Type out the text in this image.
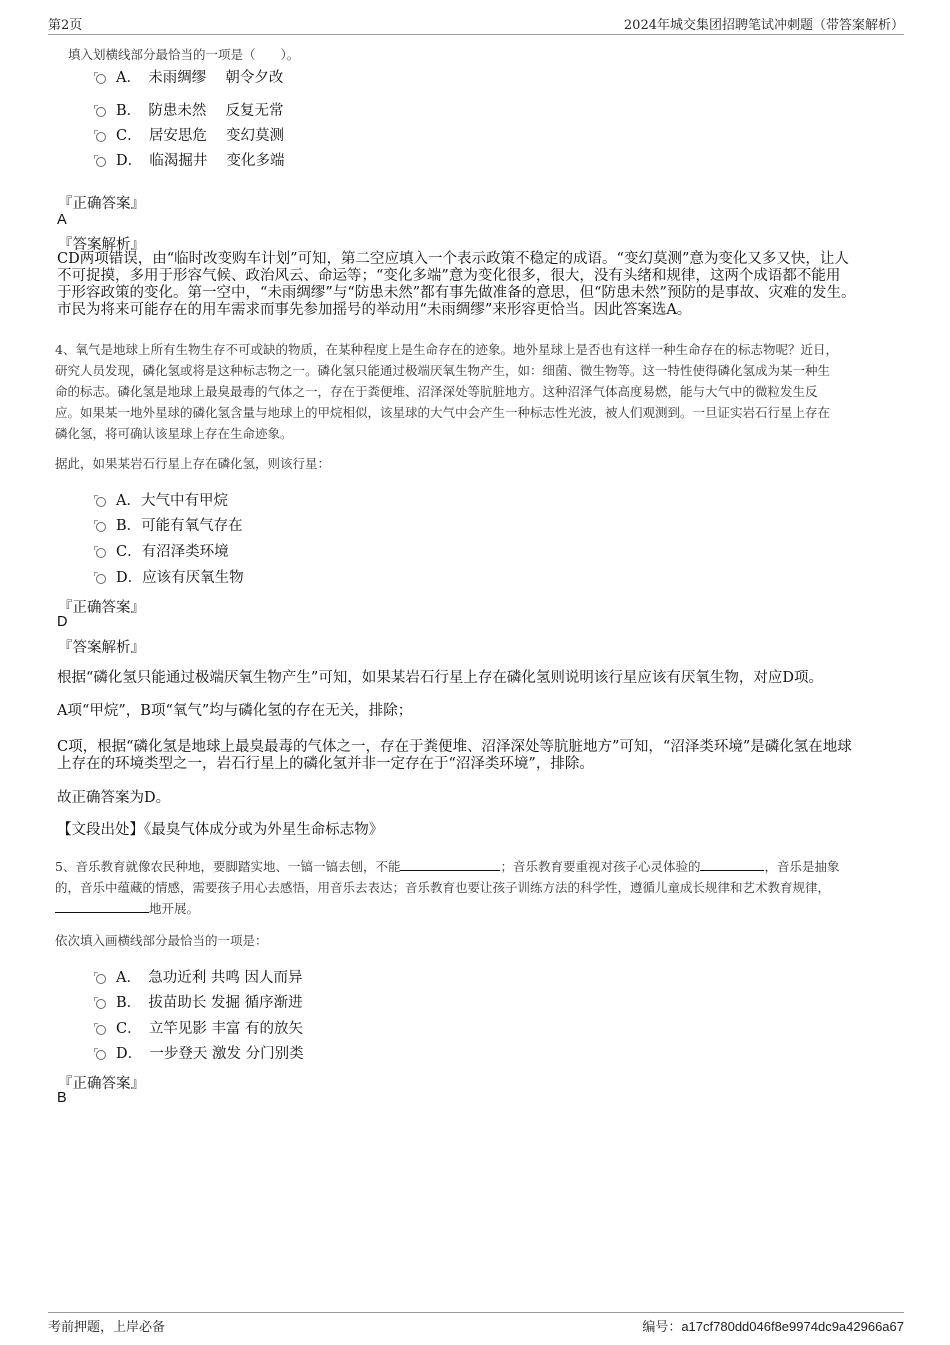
第2页	2024年城交集团招聘笔试冲刺题（带答案解析）
填入划横线部分最恰当的一项是（　　）。
A．　未雨绸缪　 朝令夕改
B．　防患未然　 反复无常
C．　居安思危　 变幻莫测
D．　临渴掘井　 变化多端
『正确答案』
A
『答案解析』
CD两项错误，由“临时改变购车计划”可知，第二空应填入一个表示政策不稳定的成语。“变幻莫测”意为变化又多又快，让人
不可捉摸，多用于形容气候、政治风云、命运等；“变化多端”意为变化很多，很大，没有头绪和规律，这两个成语都不能用
于形容政策的变化。第一空中，“未雨绸缪”与“防患未然”都有事先做准备的意思，但“防患未然”预防的是事故、灾难的发生。
市民为将来可能存在的用车需求而事先参加摇号的举动用“未雨绸缪”来形容更恰当。因此答案选A。
4、氧气是地球上所有生物生存不可或缺的物质，在某种程度上是生命存在的迹象。地外星球上是否也有这样一种生命存在的标志物呢？近日，
研究人员发现，磷化氢或将是这种标志物之一。磷化氢只能通过极端厌氧生物产生，如：细菌、微生物等。这一特性使得磷化氢成为某一种生
命的标志。磷化氢是地球上最臭最毒的气体之一，存在于粪便堆、沼泽深处等肮脏地方。这种沼泽气体高度易燃，能与大气中的微粒发生反
应。如果某一地外星球的磷化氢含量与地球上的甲烷相似，该星球的大气中会产生一种标志性光波，被人们观测到。一旦证实岩石行星上存在
磷化氢，将可确认该星球上存在生命迹象。
据此，如果某岩石行星上存在磷化氢，则该行星：
A．大气中有甲烷
B．可能有氧气存在
C．有沼泽类环境
D．应该有厌氧生物
『正确答案』
D
『答案解析』
根据“磷化氢只能通过极端厌氧生物产生”可知，如果某岩石行星上存在磷化氢则说明该行星应该有厌氧生物，对应D项。
A项“甲烷”，B项“氧气”均与磷化氢的存在无关，排除；
C项，根据“磷化氢是地球上最臭最毒的气体之一，存在于粪便堆、沼泽深处等肮脏地方”可知，“沼泽类环境”是磷化氢在地球
上存在的环境类型之一，岩石行星上的磷化氢并非一定存在于“沼泽类环境”，排除。
故正确答案为D。
【文段出处】《最臭气体成分或为外星生命标志物》
5、音乐教育就像农民种地，要脚踏实地、一镐一镐去刨，不能	；音乐教育要重视对孩子心灵体验的	，音乐是抽象
的，音乐中蕴藏的情感，需要孩子用心去感悟，用音乐去表达；音乐教育也要让孩子训练方法的科学性，遵循儿童成长规律和艺术教育规律，
地开展。
依次填入画横线部分最恰当的一项是：
A．　急功近利 共鸣 因人而异
B．　拔苗助长 发掘 循序渐进
C．　立竿见影 丰富 有的放矢
D．　一步登天 激发 分门别类
『正确答案』
B
考前押题，上岸必备	编号：a17cf780dd046f8e9974dc9a42966a67
